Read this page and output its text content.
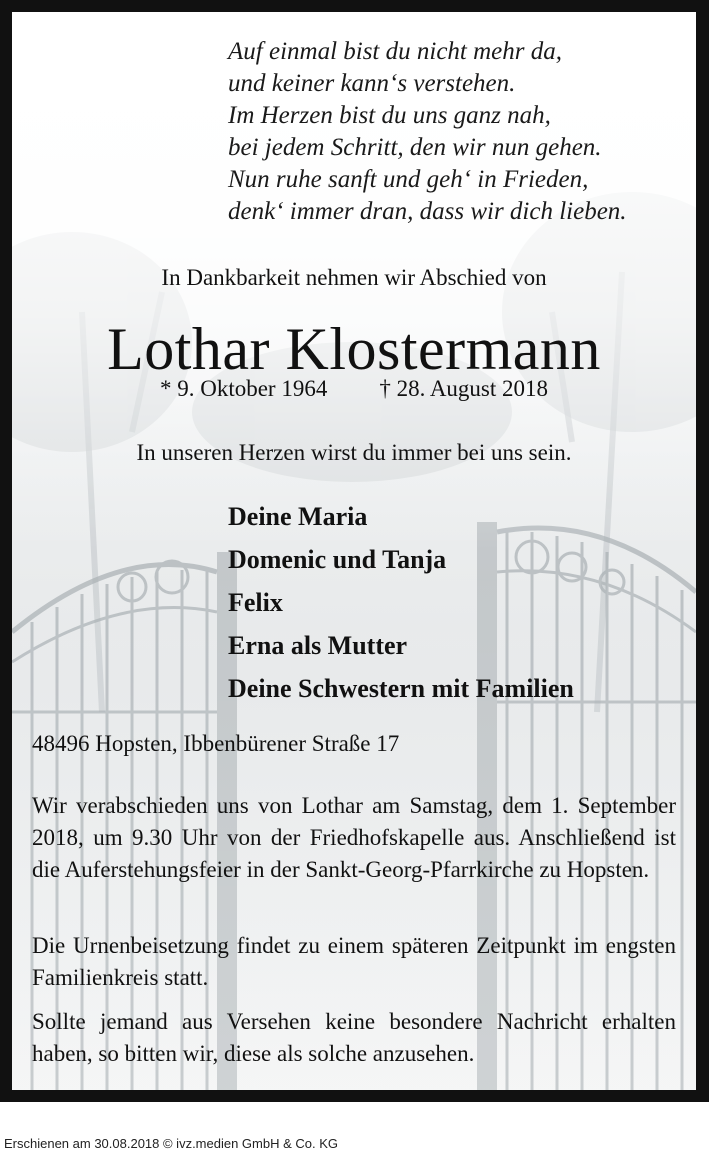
Auf einmal bist du nicht mehr da,
und keiner kann‘s verstehen.
Im Herzen bist du uns ganz nah,
bei jedem Schritt, den wir nun gehen.
Nun ruhe sanft und geh‘ in Frieden,
denk‘ immer dran, dass wir dich lieben.
In Dankbarkeit nehmen wir Abschied von
Lothar Klostermann
* 9. Oktober 1964 † 28. August 2018
In unseren Herzen wirst du immer bei uns sein.
Deine Maria
Domenic und Tanja
Felix
Erna als Mutter
Deine Schwestern mit Familien
48496 Hopsten, Ibbenbürener Straße 17

Wir verabschieden uns von Lothar am Samstag, dem 1. September 2018, um 9.30 Uhr von der Friedhofskapelle aus. Anschließend ist die Auferstehungsfeier in der Sankt-Georg-Pfarrkirche zu Hopsten.

Die Urnenbeisetzung findet zu einem späteren Zeitpunkt im engsten Familienkreis statt.

Sollte jemand aus Versehen keine besondere Nachricht erhalten haben, so bitten wir, diese als solche anzusehen.

Erschienen am 30.08.2018 © ivz.medien GmbH & Co. KG
